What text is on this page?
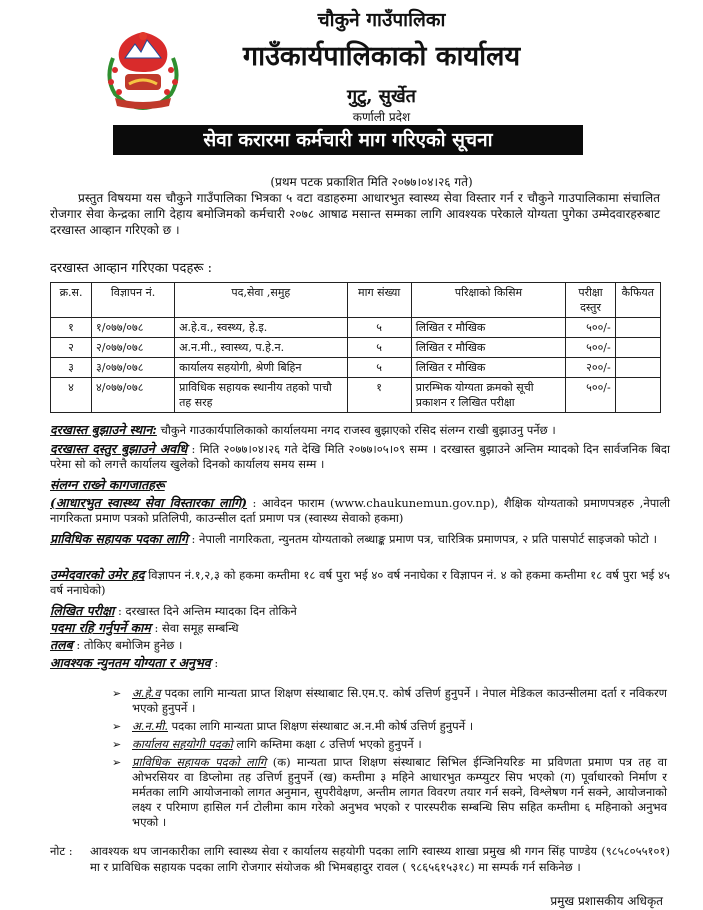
चौकुने गाउँपालिका
गाउँकार्यपालिकाको कार्यालय
गुटु, सुर्खेत
कर्णाली प्रदेश
सेवा करारमा कर्मचारी माग गरिएको सूचना
(प्रथम पटक प्रकाशित मिति २०७७।०४।२६ गते)
प्रस्तुत विषयमा यस चौकुने गाउँपालिका भित्रका ५ वटा वडाहरुमा आधारभुत स्वास्थ्य सेवा विस्तार गर्न र चौकुने गाउपालिकामा संचालित रोजगार सेवा केन्द्रका लागि देहाय बमोजिमको कर्मचारी २०७८ आषाढ मसान्त सम्मका लागि आवश्यक परेकाले योग्यता पुगेका उम्मेदवारहरुबाट दरखास्त आव्हान गरिएको छ ।
दरखास्त आव्हान गरिएका पदहरू :
क्र.स.	विज्ञापन नं.	पद,सेवा ,समुह	माग संख्या	परिक्षाको किसिम	परीक्षा दस्तुर	कैफियत
१	१/०७७/०७८	अ.हे.व., स्वस्थ्य, हे.इ.	५	लिखित र मौखिक	५००/-	
२	२/०७७/०७८	अ.न.मी., स्वास्थ्य, प.हे.न.	५	लिखित र मौखिक	५००/-	
३	३/०७७/०७८	कार्यालय सहयोगी, श्रेणी बिहिन	५	लिखित र मौखिक	२००/-	
४	४/०७७/०७८	प्राविधिक सहायक स्थानीय तहको पाचौ तह सरह	१	प्रारम्भिक योग्यता क्रमको सूची प्रकाशन र लिखित परीक्षा	५००/-	
दरखास्त बुझाउने स्थान: चौकुने गाउकार्यपालिकाको कार्यालयमा नगद राजस्व बुझाएको रसिद संलग्न राखी बुझाउनु पर्नेछ ।
दरखास्त दस्तुर बुझाउने अवधि : मिति २०७७।०४।२६ गते देखि मिति २०७७।०५।०९ सम्म । दरखास्त बुझाउने अन्तिम म्यादको दिन सार्वजनिक बिदा परेमा सो को लगत्तै कार्यालय खुलेको दिनको कार्यालय समय सम्म ।
संलग्न राख्ने कागजातहरू
(आधारभुत स्वास्थ्य सेवा विस्तारका लागि) : आवेदन फाराम (www.chaukunemun.gov.np), शैक्षिक योग्यताको प्रमाणपत्रहरु ,नेपाली नागरिकता प्रमाण पत्रको प्रतिलिपी, काउन्सील दर्ता प्रमाण पत्र (स्वास्थ्य सेवाको हकमा)
प्राविधिक सहायक पदका लागि : नेपाली नागरिकता, न्युनतम योग्यताको लब्धाङ्क प्रमाण पत्र, चारित्रिक प्रमाणपत्र, २ प्रति पासपोर्ट साइजको फोटो ।
उम्मेदवारको उमेर हद विज्ञापन नं.१,२,३ को हकमा कम्तीमा १८ वर्ष पुरा भई ४० वर्ष ननाघेका र विज्ञापन नं. ४ को हकमा कम्तीमा १८ वर्ष पुरा भई ४५ वर्ष ननाघेको)
लिखित परीक्षा : दरखास्त दिने अन्तिम म्यादका दिन तोकिने
पदमा रहि गर्नुपर्ने काम : सेवा समूह सम्बन्धि
तलब : तोकिए बमोजिम हुनेछ ।
आवश्यक न्युनतम योग्यता र अनुभव :
➢ अ.हे.व पदका लागि मान्यता प्राप्त शिक्षण संस्थाबाट सि.एम.ए. कोर्ष उत्तिर्ण हुनुपर्ने । नेपाल मेडिकल काउन्सीलमा दर्ता र नविकरण भएको हुनुपर्ने ।
➢ अ.न.मी. पदका लागि मान्यता प्राप्त शिक्षण संस्थाबाट अ.न.मी कोर्ष उत्तिर्ण हुनुपर्ने ।
➢ कार्यालय सहयोगी पदको लागि कम्तिमा कक्षा ८ उत्तिर्ण भएको हुनुपर्ने ।
➢ प्राविधिक सहायक पदको लागि (क) मान्यता प्राप्त शिक्षण संस्थाबाट सिभिल ईन्जिनियरिङ मा प्रविणता प्रमाण पत्र तह वा ओभरसियर वा डिप्लोमा तह उत्तिर्ण हुनुपर्ने (ख) कम्तीमा ३ महिने आधारभुत कम्प्युटर सिप भएको (ग) पूर्वाधारको निर्माण र मर्मतका लागि आयोजनाको लागत अनुमान, सुपरीवेक्षण, अन्तीम लागत विवरण तयार गर्न सक्ने, विश्लेषण गर्न सक्ने, आयोजनाको लक्ष्य र परिमाण हासिल गर्न टोलीमा काम गरेको अनुभव भएको र पारस्परीक सम्बन्धि सिप सहित कम्तीमा ६ महिनाको अनुभव भएको ।
नोट :	आवश्यक थप जानकारीका लागि स्वास्थ्य सेवा र कार्यालय सहयोगी पदका लागि स्वास्थ्य शाखा प्रमुख श्री गगन सिंह पाण्डेय (९८५८०५५१०१) मा र प्राविधिक सहायक पदका लागि रोजगार संयोजक श्री भिमबहादुर रावल ( ९८६५६१५३१८) मा सम्पर्क गर्न सकिनेछ ।
प्रमुख प्रशासकीय अधिकृत
